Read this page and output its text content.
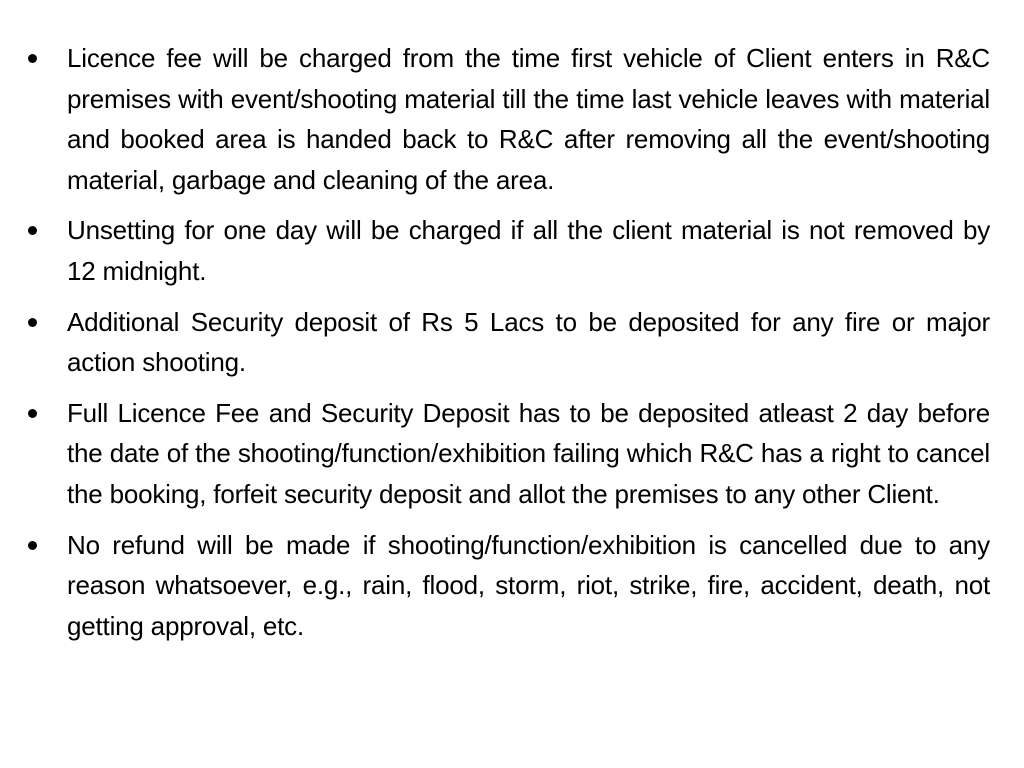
Licence fee will be charged from the time first vehicle of Client enters in R&C premises with event/shooting material till the time last vehicle leaves with material and booked area is handed back to R&C after removing all the event/shooting material, garbage and cleaning of the area.
Unsetting for one day will be charged if all the client material is not removed by 12 midnight.
Additional Security deposit of Rs 5 Lacs to be deposited for any fire or major action shooting.
Full Licence Fee and Security Deposit has to be deposited atleast 2 day before the date of the shooting/function/exhibition failing which R&C has a right to cancel the booking, forfeit security deposit and allot the premises to any other Client.
No refund will be made if shooting/function/exhibition is cancelled due to any reason whatsoever, e.g., rain, flood, storm, riot, strike, fire, accident, death, not getting approval, etc.
